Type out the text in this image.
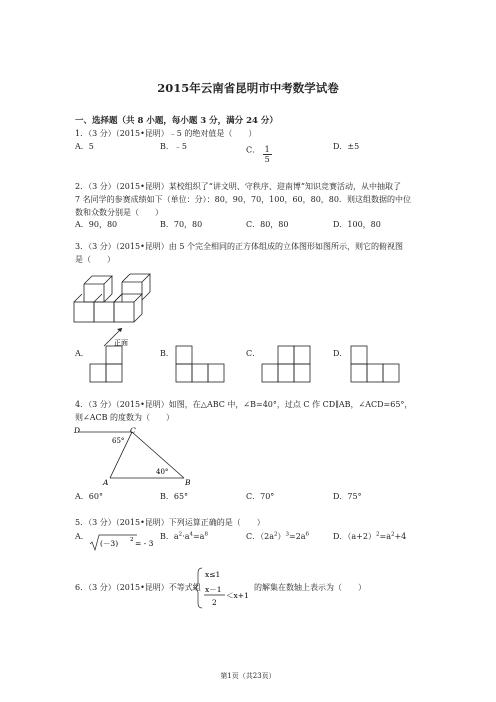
2015年云南省昆明市中考数学试卷
一、选择题（共 8 小题，每小题 3 分，满分 24 分）
1．（3 分）（2015•昆明）﹣5 的绝对值是（　　）
A．5	B．﹣5	C． $\frac{1}{5}$	D．±5
2．（3 分）（2015•昆明）某校组织了“讲文明、守秩序、迎南博”知识竞赛活动，从中抽取了
7 名同学的参赛成绩如下（单位：分）：80，90，70，100，60，80，80．则这组数据的中位
数和众数分别是（　　）
A．90，80	B．70，80	C．80，80	D．100，80
3．（3 分）（2015•昆明）由 5 个完全相同的正方体组成的立体图形如图所示，则它的俯视图
是（　　）
正面
A．	B．	C．	D．
4．（3 分）（2015•昆明）如图，在△ABC 中，∠B=40°，过点 C 作 CD∥AB，∠ACD=65°，
则∠ACB 的度数为（　　）
D	C
A	B
65°
40°
A．60°	B．65°	C．70°	D．75°
5．（3 分）（2015•昆明）下列运算正确的是（　　）
A．
(－3) 2 = - 3
B．$a^2\cdot a^4=a^8$	C．$(2a^2)^3=2a^6$	D．$(a+2)^2=a^2+4$
6．（3 分）（2015•昆明）不等式组
x≤1
x－1
2
＜x+1
的解集在数轴上表示为（　　）
第1页（共23页）
